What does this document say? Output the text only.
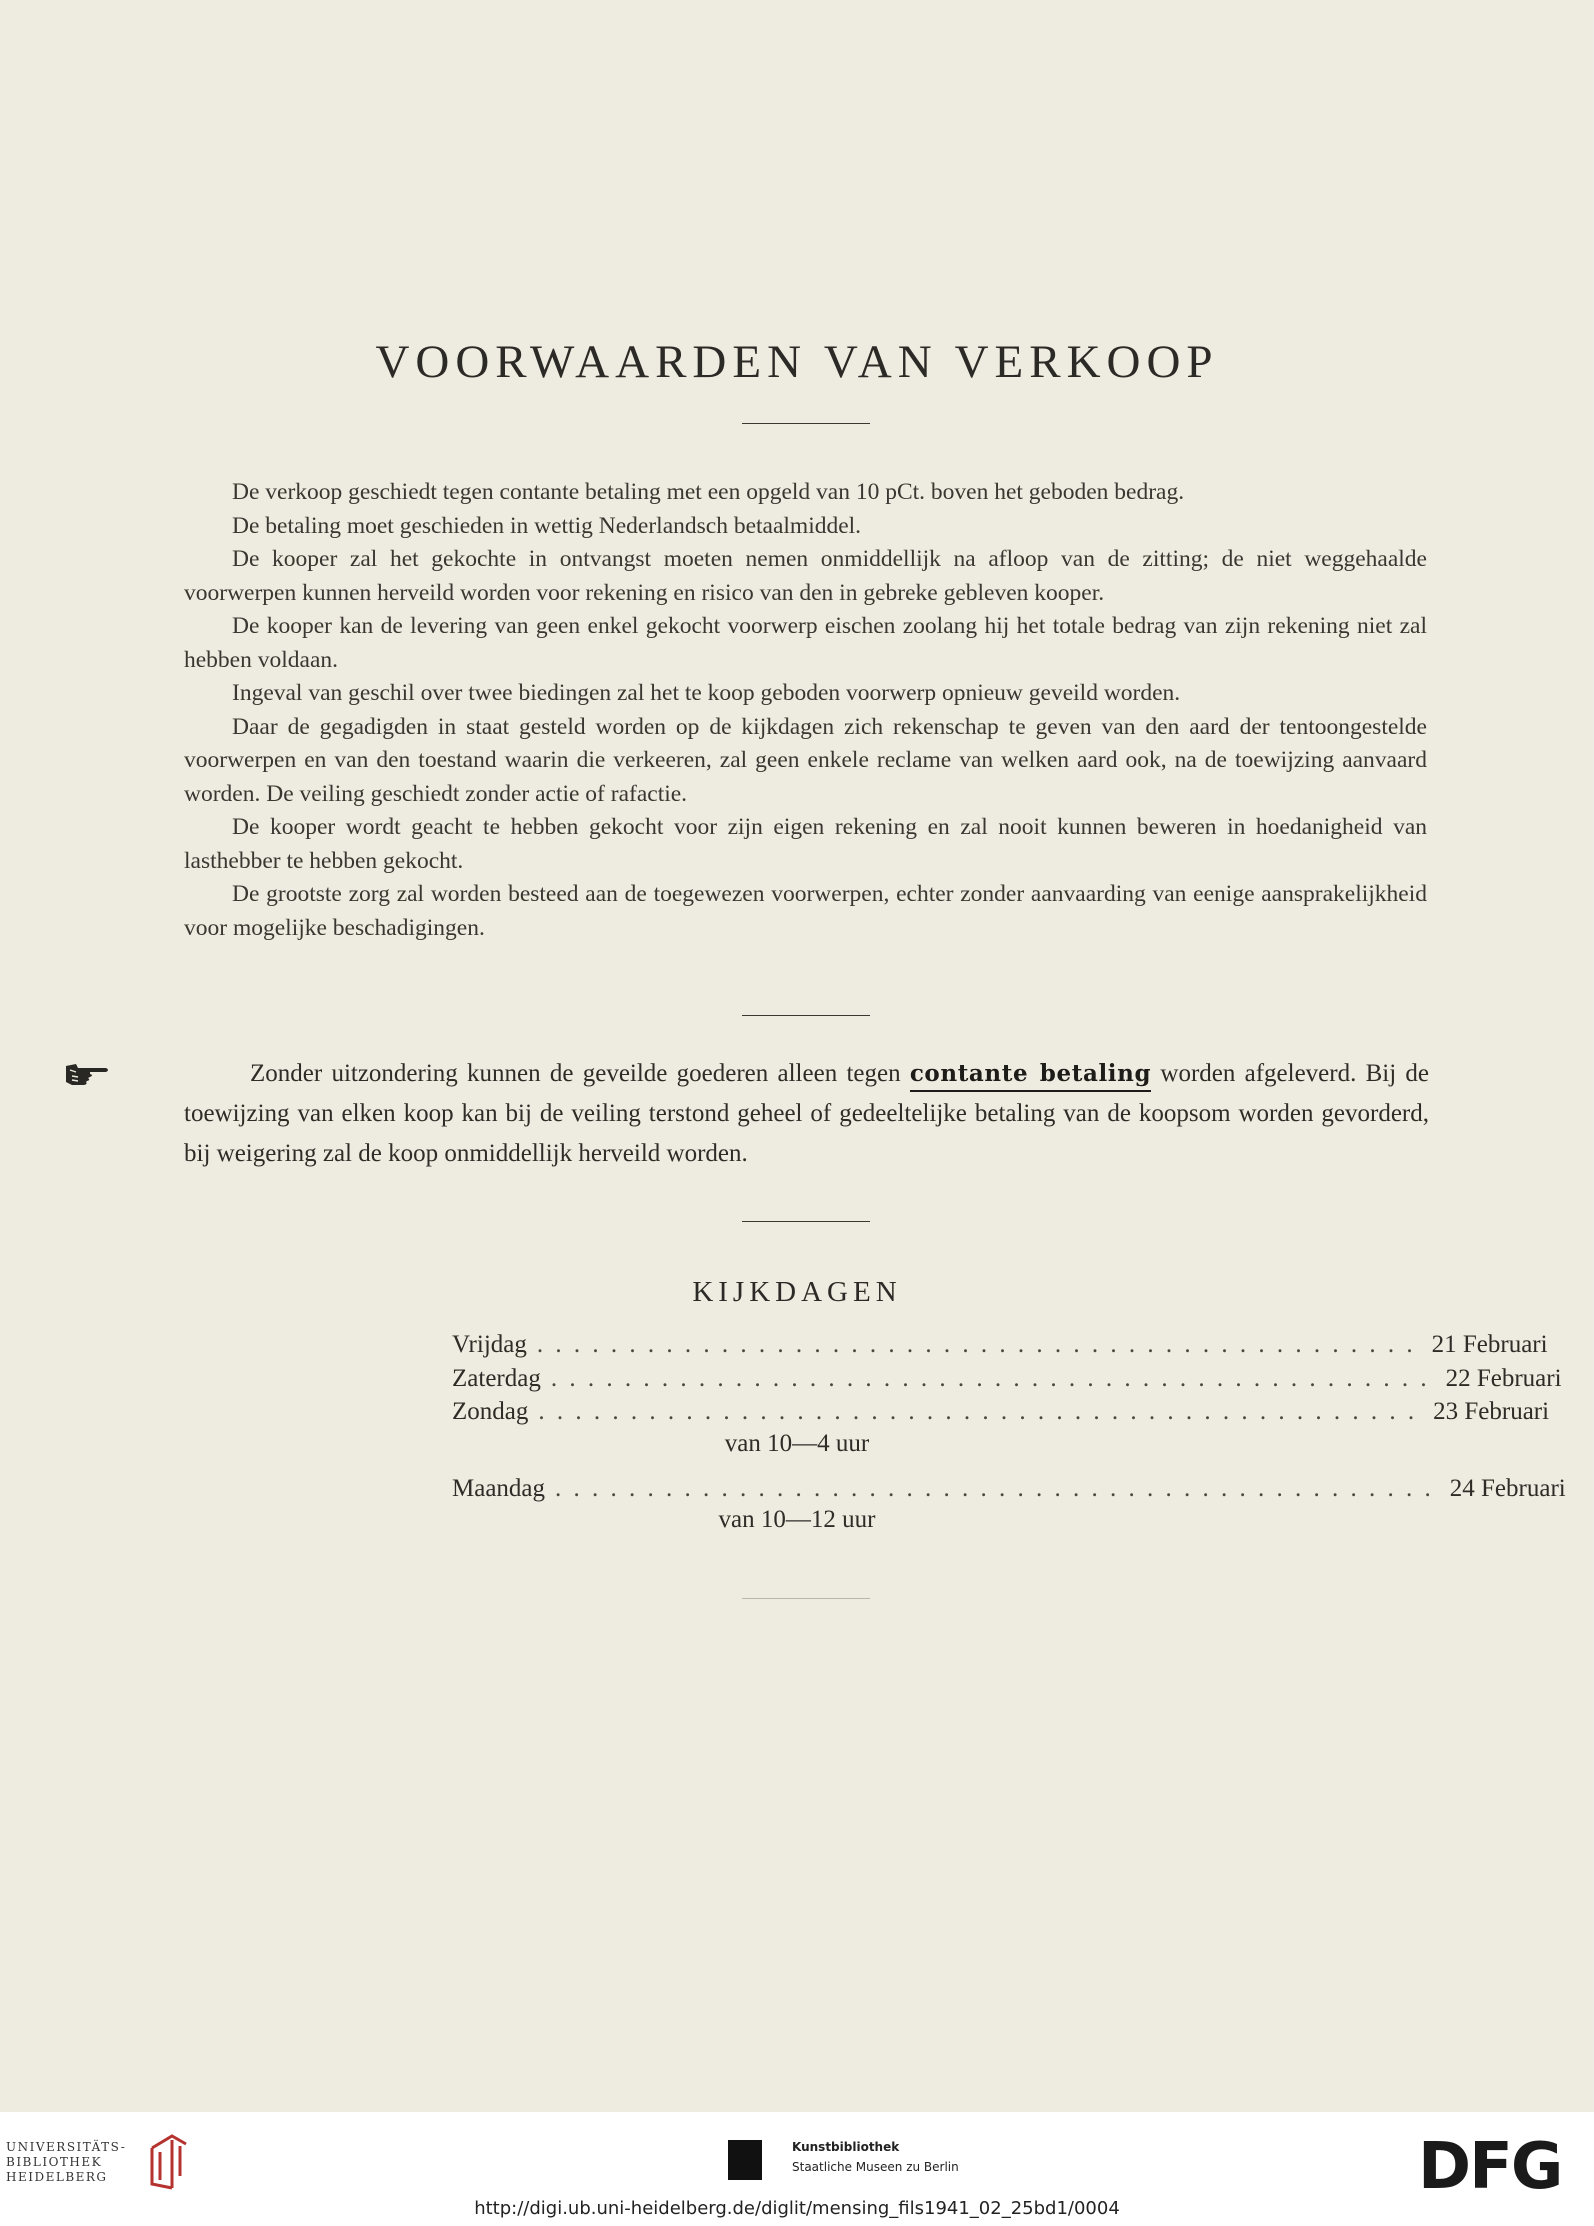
VOORWAARDEN VAN VERKOOP

De verkoop geschiedt tegen contante betaling met een opgeld van 10 pCt. boven het geboden bedrag.

De betaling moet geschieden in wettig Nederlandsch betaalmiddel.

De kooper zal het gekochte in ontvangst moeten nemen onmiddellijk na afloop van de zitting; de niet weggehaalde voorwerpen kunnen herveild worden voor rekening en risico van den in gebreke gebleven kooper.

De kooper kan de levering van geen enkel gekocht voorwerp eischen zoolang hij het totale bedrag van zijn rekening niet zal hebben voldaan.

Ingeval van geschil over twee biedingen zal het te koop geboden voorwerp opnieuw geveild worden.

Daar de gegadigden in staat gesteld worden op de kijkdagen zich rekenschap te geven van den aard der tentoongestelde voorwerpen en van den toestand waarin die verkeeren, zal geen enkele reclame van welken aard ook, na de toewijzing aanvaard worden. De veiling geschiedt zonder actie of rafactie.

De kooper wordt geacht te hebben gekocht voor zijn eigen rekening en zal nooit kunnen beweren in hoedanigheid van lasthebber te hebben gekocht.

De grootste zorg zal worden besteed aan de toegewezen voorwerpen, echter zonder aanvaarding van eenige aansprakelijkheid voor mogelijke beschadigingen.

Zonder uitzondering kunnen de geveilde goederen alleen tegen contante betaling worden afgeleverd. Bij de toewijzing van elken koop kan bij de veiling terstond geheel of gedeeltelijke betaling van de koopsom worden gevorderd, bij weigering zal de koop onmiddellijk herveild worden.
KIJKDAGEN
Vrijdag . . . . . . . . . . . . . . . . . . . . . . . . . . . . . . . . . . . . . . . . . . . . . . . . 21 Februari
Zaterdag . . . . . . . . . . . . . . . . . . . . . . . . . . . . . . . . . . . . . . . . . . . . . . . . 22 Februari
Zondag . . . . . . . . . . . . . . . . . . . . . . . . . . . . . . . . . . . . . . . . . . . . . . . . 23 Februari
van 10—4 uur
Maandag . . . . . . . . . . . . . . . . . . . . . . . . . . . . . . . . . . . . . . . . . . . . . . . . 24 Februari
van 10—12 uur
UNIVERSITÄTS-
BIBLIOTHEK
HEIDELBERG
Kunstbibliothek
Staatliche Museen zu Berlin	DFG
http://digi.ub.uni-heidelberg.de/diglit/mensing_fils1941_02_25bd1/0004
